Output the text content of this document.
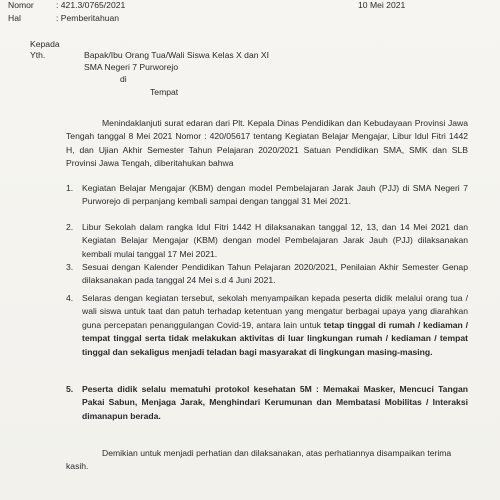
Nomor	: 421.3/0765/2021	10 Mei 2021
Hal	: Pemberitahuan
Kepada
Yth.	Bapak/Ibu Orang Tua/Wali Siswa Kelas X dan XI
SMA Negeri 7 Purworejo
di
Tempat
Menindaklanjuti surat edaran dari Plt. Kepala Dinas Pendidikan dan Kebudayaan Provinsi Jawa Tengah tanggal 8 Mei 2021 Nomor : 420/05617 tentang Kegiatan Belajar Mengajar, Libur Idul Fitri 1442 H, dan Ujian Akhir Semester Tahun Pelajaran 2020/2021 Satuan Pendidikan SMA, SMK dan SLB Provinsi Jawa Tengah, diberitahukan bahwa
1. Kegiatan Belajar Mengajar (KBM) dengan model Pembelajaran Jarak Jauh (PJJ) di SMA Negeri 7 Purworejo di perpanjang kembali sampai dengan tanggal 31 Mei 2021.
2. Libur Sekolah dalam rangka Idul Fitri 1442 H dilaksanakan tanggal 12, 13, dan 14 Mei 2021 dan Kegiatan Belajar Mengajar (KBM) dengan model Pembelajaran Jarak Jauh (PJJ) dilaksanakan kembali mulai tanggal 17 Mei 2021.
3. Sesuai dengan Kalender Pendidikan Tahun Pelajaran 2020/2021, Penilaian Akhir Semester Genap dilaksanakan pada tanggal 24 Mei s.d 4 Juni 2021.
4. Selaras dengan kegiatan tersebut, sekolah menyampaikan kepada peserta didik melalui orang tua / wali siswa untuk taat dan patuh terhadap ketentuan yang mengatur berbagai upaya yang diarahkan guna percepatan penanggulangan Covid-19, antara lain untuk tetap tinggal di rumah / kediaman / tempat tinggal serta tidak melakukan aktivitas di luar lingkungan rumah / kediaman / tempat tinggal dan sekaligus menjadi teladan bagi masyarakat di lingkungan masing-masing.
5. Peserta didik selalu mematuhi protokol kesehatan 5M : Memakai Masker, Mencuci Tangan Pakai Sabun, Menjaga Jarak, Menghindari Kerumunan dan Membatasi Mobilitas / Interaksi dimanapun berada.
Demikian untuk menjadi perhatian dan dilaksanakan, atas perhatiannya disampaikan terima kasih.
